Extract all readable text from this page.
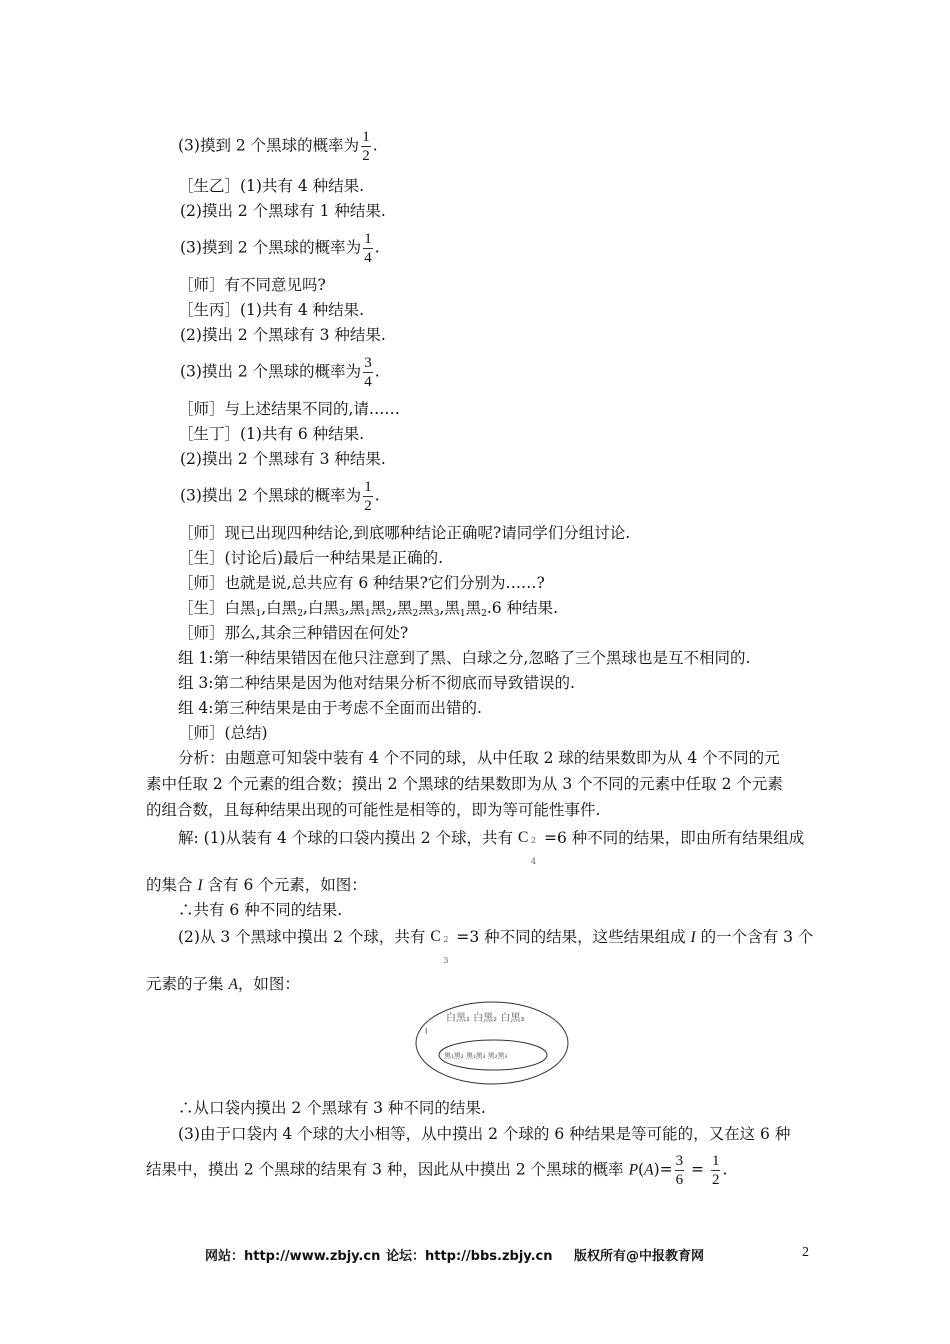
(3)摸到 2 个黑球的概率为 $\frac{1}{2}$ .
［生乙］(1)共有 4 种结果.
(2)摸出 2 个黑球有 1 种结果.
(3)摸到 2 个黑球的概率为 $\frac{1}{4}$ .
［师］有不同意见吗?
［生丙］(1)共有 4 种结果.
(2)摸出 2 个黑球有 3 种结果.
(3)摸出 2 个黑球的概率为 $\frac{3}{4}$ .
［师］与上述结果不同的,请……
［生丁］(1)共有 6 种结果.
(2)摸出 2 个黑球有 3 种结果.
(3)摸出 2 个黑球的概率为 $\frac{1}{2}$ .
［师］现已出现四种结论,到底哪种结论正确呢?请同学们分组讨论.
［生］(讨论后)最后一种结果是正确的.
［师］也就是说,总共应有 6 种结果?它们分别为……?
［生］白黑$_1$,白黑$_2$,白黑$_3$,黑$_1$黑$_2$,黑$_2$黑$_3$,黑$_1$黑$_2$.6 种结果.
［师］那么,其余三种错因在何处?
组 1:第一种结果错因在他只注意到了黑、白球之分,忽略了三个黑球也是互不相同的.
组 3:第二种结果是因为他对结果分析不彻底而导致错误的.
组 4:第三种结果是由于考虑不全面而出错的.
［师］(总结)
分析：由题意可知袋中装有 4 个不同的球，从中任取 2 球的结果数即为从 4 个不同的元
素中任取 2 个元素的组合数；摸出 2 个黑球的结果数即为从 3 个不同的元素中任取 2 个元素
的组合数，且每种结果出现的可能性是相等的，即为等可能性事件.
解: (1)从装有 4 个球的口袋内摸出 2 个球，共有 C 2
4
=6 种不同的结果，即由所有结果组成
的集合 I 含有 6 个元素，如图：
∴共有 6 种不同的结果.
(2)从 3 个黑球中摸出 2 个球，共有 C 2
3
=3 种不同的结果，这些结果组成 I 的一个含有 3 个
元素的子集 A，如图：
I
白黑₁ 白黑₂ 白黑₃
黑₁黑₂ 黑₁黑₃ 黑₂黑₃
∴从口袋内摸出 2 个黑球有 3 种不同的结果.
(3)由于口袋内 4 个球的大小相等，从中摸出 2 个球的 6 种结果是等可能的，又在这 6 种
结果中，摸出 2 个黑球的结果有 3 种，因此从中摸出 2 个黑球的概率 $P(A)= \frac{3}{6} = \frac{1}{2}$ .
网站：http://www.zbjy.cn 论坛：http://bbs.zbjy.cn 版权所有@中报教育网	2
